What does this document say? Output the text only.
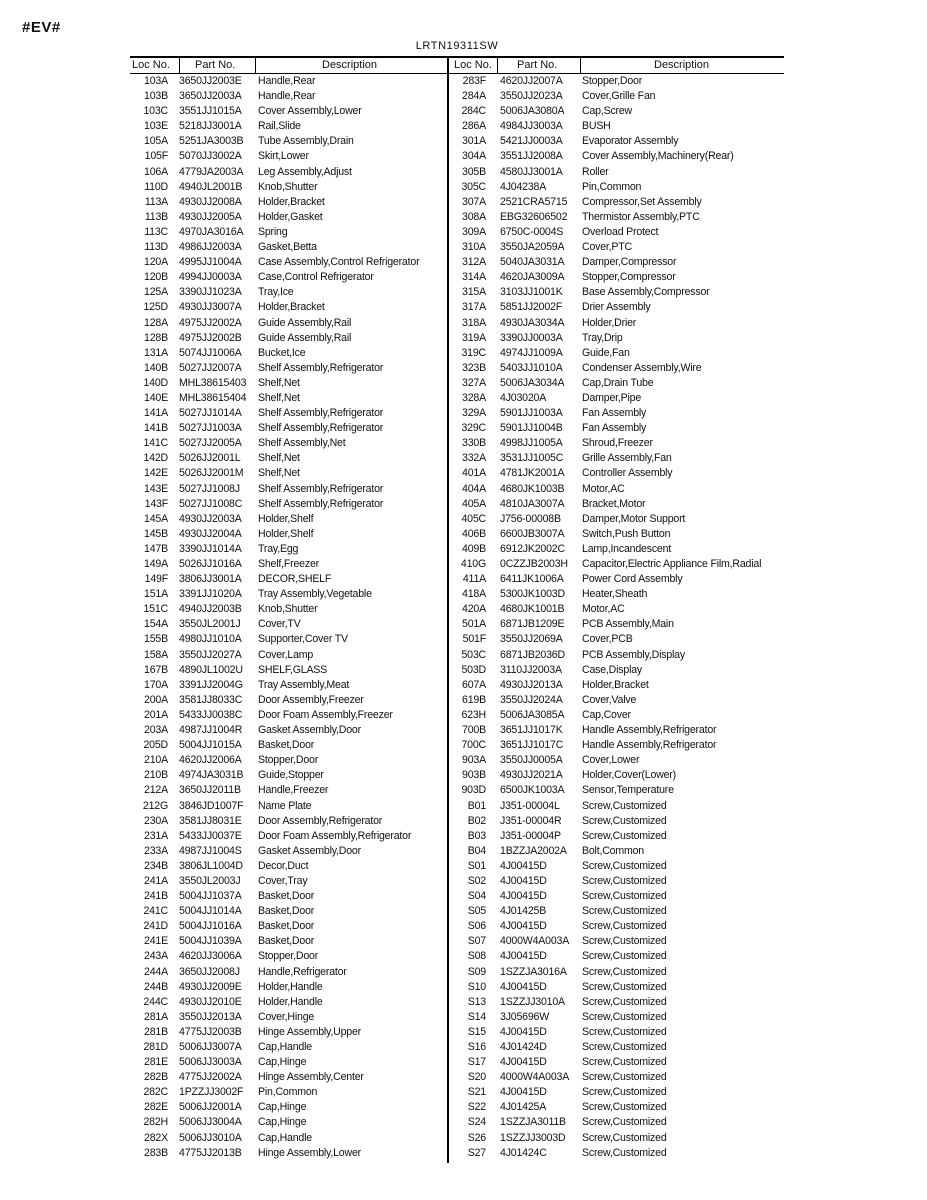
#EV#
LRTN19311SW
Loc No. Part No.	Description	Loc No. Part No.	Description
103A 3650JJ2003E Handle,Rear
103B 3650JJ2003A Handle,Rear
103C 3551JJ1015A Cover Assembly,Lower
103E 5218JJ3001A Rail,Slide
105A 5251JA3003B Tube Assembly,Drain
105F 5070JJ3002A Skirt,Lower
106A 4779JA2003A Leg Assembly,Adjust
110D 4940JL2001B Knob,Shutter
113A 4930JJ2008A Holder,Bracket
113B 4930JJ2005A Holder,Gasket
113C 4970JA3016A Spring
113D 4986JJ2003A Gasket,Betta
120A 4995JJ1004A Case Assembly,Control Refrigerator
120B 4994JJ0003A Case,Control Refrigerator
125A 3390JJ1023A Tray,Ice
125D 4930JJ3007A Holder,Bracket
128A 4975JJ2002A Guide Assembly,Rail
128B 4975JJ2002B Guide Assembly,Rail
131A 5074JJ1006A Bucket,Ice
140B 5027JJ2007A Shelf Assembly,Refrigerator
140D MHL38615403 Shelf,Net
140E MHL38615404 Shelf,Net
141A 5027JJ1014A Shelf Assembly,Refrigerator
141B 5027JJ1003A Shelf Assembly,Refrigerator
141C 5027JJ2005A Shelf Assembly,Net
142D 5026JJ2001L Shelf,Net
142E 5026JJ2001M Shelf,Net
143E 5027JJ1008J Shelf Assembly,Refrigerator
143F 5027JJ1008C Shelf Assembly,Refrigerator
145A 4930JJ2003A Holder,Shelf
145B 4930JJ2004A Holder,Shelf
147B 3390JJ1014A Tray,Egg
149A 5026JJ1016A Shelf,Freezer
149F 3806JJ3001A DECOR,SHELF
151A 3391JJ1020A Tray Assembly,Vegetable
151C 4940JJ2003B Knob,Shutter
154A 3550JL2001J Cover,TV
155B 4980JJ1010A Supporter,Cover TV
158A 3550JJ2027A Cover,Lamp
167B 4890JL1002U SHELF,GLASS
170A 3391JJ2004G Tray Assembly,Meat
200A 3581JJ8033C Door Assembly,Freezer
201A 5433JJ0038C Door Foam Assembly,Freezer
203A 4987JJ1004R Gasket Assembly,Door
205D 5004JJ1015A Basket,Door
210A 4620JJ2006A Stopper,Door
210B 4974JA3031B Guide,Stopper
212A 3650JJ2011B Handle,Freezer
212G 3846JD1007F Name Plate
230A 3581JJ8031E Door Assembly,Refrigerator
231A 5433JJ0037E Door Foam Assembly,Refrigerator
233A 4987JJ1004S Gasket Assembly,Door
234B 3806JL1004D Decor,Duct
241A 3550JL2003J Cover,Tray
241B 5004JJ1037A Basket,Door
241C 5004JJ1014A Basket,Door
241D 5004JJ1016A Basket,Door
241E 5004JJ1039A Basket,Door
243A 4620JJ3006A Stopper,Door
244A 3650JJ2008J Handle,Refrigerator
244B 4930JJ2009E Holder,Handle
244C 4930JJ2010E Holder,Handle
281A 3550JJ2013A Cover,Hinge
281B 4775JJ2003B Hinge Assembly,Upper
281D 5006JJ3007A Cap,Handle
281E 5006JJ3003A Cap,Hinge
282B 4775JJ2002A Hinge Assembly,Center
282C 1PZZJJ3002F Pin,Common
282E 5006JJ2001A Cap,Hinge
282H 5006JJ3004A Cap,Hinge
282X 5006JJ3010A Cap,Handle
283B 4775JJ2013B Hinge Assembly,Lower
283F 4620JJ2007A Stopper,Door
284A 3550JJ2023A Cover,Grille Fan
284C 5006JA3080A Cap,Screw
286A 4984JJ3003A BUSH
301A 5421JJ0003A Evaporator Assembly
304A 3551JJ2008A Cover Assembly,Machinery(Rear)
305B 4580JJ3001A Roller
305C 4J04238A	Pin,Common
307A 2521CRA5715 Compressor,Set Assembly
308A EBG32606502 Thermistor Assembly,PTC
309A 6750C-0004S Overload Protect
310A 3550JA2059A Cover,PTC
312A 5040JA3031A Damper,Compressor
314A 4620JA3009A Stopper,Compressor
315A 3103JJ1001K Base Assembly,Compressor
317A 5851JJ2002F Drier Assembly
318A 4930JA3034A Holder,Drier
319A 3390JJ0003A Tray,Drip
319C 4974JJ1009A Guide,Fan
323B 5403JJ1010A Condenser Assembly,Wire
327A 5006JA3034A Cap,Drain Tube
328A 4J03020A	Damper,Pipe
329A 5901JJ1003A Fan Assembly
329C 5901JJ1004B Fan Assembly
330B 4998JJ1005A Shroud,Freezer
332A 3531JJ1005C Grille Assembly,Fan
401A 4781JK2001A Controller Assembly
404A 4680JK1003B Motor,AC
405A 4810JA3007A Bracket,Motor
405C J756-00008B Damper,Motor Support
406B 6600JB3007A Switch,Push Button
409B 6912JK2002C Lamp,Incandescent
410G 0CZZJB2003H Capacitor,Electric Appliance Film,Radial
411A 6411JK1006A Power Cord Assembly
418A 5300JK1003D Heater,Sheath
420A 4680JK1001B Motor,AC
501A 6871JB1209E PCB Assembly,Main
501F 3550JJ2069A Cover,PCB
503C 6871JB2036D PCB Assembly,Display
503D 3110JJ2003A Case,Display
607A 4930JJ2013A Holder,Bracket
619B 3550JJ2024A Cover,Valve
623H 5006JA3085A Cap,Cover
700B 3651JJ1017K Handle Assembly,Refrigerator
700C 3651JJ1017C Handle Assembly,Refrigerator
903A 3550JJ0005A Cover,Lower
903B 4930JJ2021A Holder,Cover(Lower)
903D 6500JK1003A Sensor,Temperature
B01 J351-00004L Screw,Customized
B02 J351-00004R Screw,Customized
B03 J351-00004P Screw,Customized
B04 1BZZJA2002A Bolt,Common
S01 4J00415D	Screw,Customized
S02 4J00415D	Screw,Customized
S04 4J00415D	Screw,Customized
S05 4J01425B	Screw,Customized
S06 4J00415D	Screw,Customized
S07 4000W4A003A Screw,Customized
S08 4J00415D	Screw,Customized
S09 1SZZJA3016A Screw,Customized
S10 4J00415D	Screw,Customized
S13 1SZZJJ3010A Screw,Customized
S14 3J05696W	Screw,Customized
S15 4J00415D	Screw,Customized
S16 4J01424D	Screw,Customized
S17 4J00415D	Screw,Customized
S20 4000W4A003A Screw,Customized
S21 4J00415D	Screw,Customized
S22 4J01425A	Screw,Customized
S24 1SZZJA3011B Screw,Customized
S26 1SZZJJ3003D Screw,Customized
S27 4J01424C	Screw,Customized
